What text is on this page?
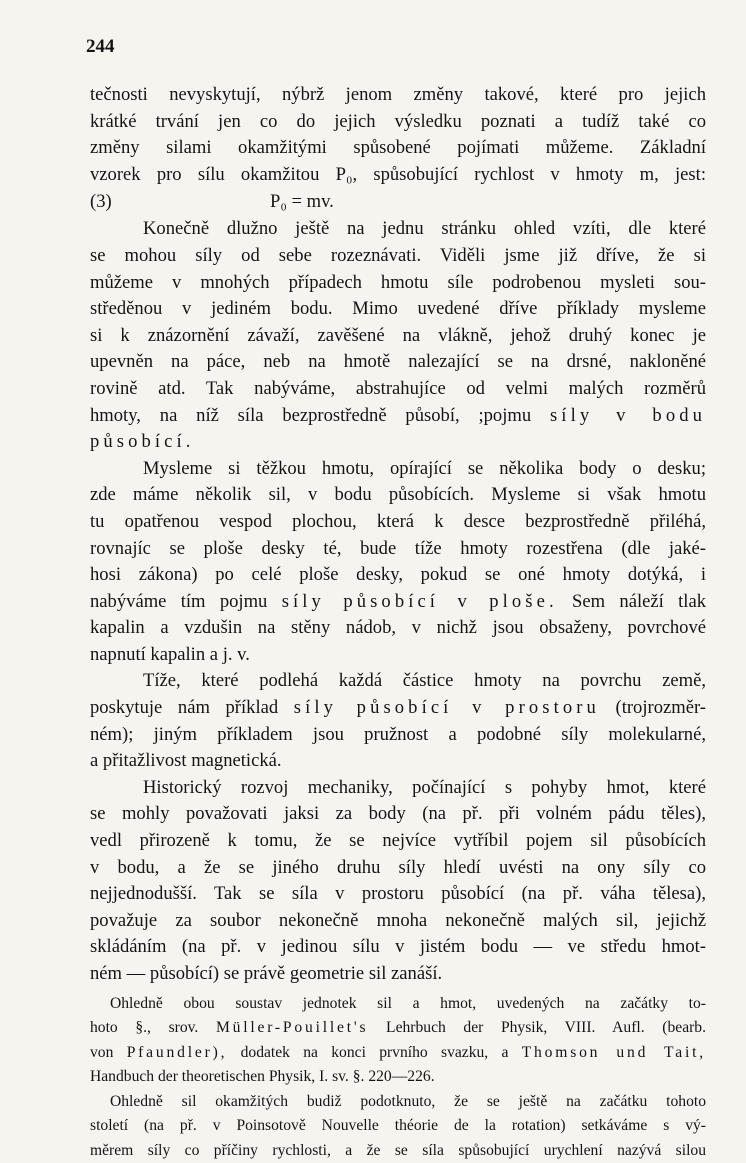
244
tečnosti nevyskytují, nýbrž jenom změny takové, které pro jejich
krátké trvání jen co do jejich výsledku poznati a tudíž také co
změny silami okamžitými spůsobené pojímati můžeme. Základní
vzorek pro sílu okamžitou P₀, spůsobující rychlost v hmoty m, jest:
(3)	P₀ = mv.
Konečně dlužno ještě na jednu stránku ohled vzíti, dle které
se mohou síly od sebe rozeznávati. Viděli jsme již dříve, že si
můžeme v mnohých případech hmotu síle podrobenou mysleti sou-
středěnou v jediném bodu. Mimo uvedené dříve příklady mysleme
si k znázornění závaží, zavěšené na vlákně, jehož druhý konec je
upevněn na páce, neb na hmotě nalezající se na drsné, nakloněné
rovině atd. Tak nabýváme, abstrahujíce od velmi malých rozměrů
hmoty, na níž síla bezprostředně působí, ;pojmu síly v bodu
působící.
Mysleme si těžkou hmotu, opírající se několika body o desku;
zde máme několik sil, v bodu působících. Mysleme si však hmotu
tu opatřenou vespod plochou, která k desce bezprostředně přiléhá,
rovnajíc se ploše desky té, bude tíže hmoty rozestřena (dle jaké-
hosi zákona) po celé ploše desky, pokud se oné hmoty dotýká, i
nabýváme tím pojmu síly působící v ploše. Sem náleží tlak
kapalin a vzdušin na stěny nádob, v nichž jsou obsaženy, povrchové
napnutí kapalin a j. v.
Tíže, které podlehá každá částice hmoty na povrchu země,
poskytuje nám příklad síly působící v prostoru (trojrozměr-
ném); jiným příkladem jsou pružnost a podobné síly molekularné,
a přitažlivost magnetická.
Historický rozvoj mechaniky, počínající s pohyby hmot, které
se mohly považovati jaksi za body (na př. při volném pádu těles),
vedl přirozeně k tomu, že se nejvíce vytříbil pojem sil působících
v bodu, a že se jiného druhu síly hledí uvésti na ony síly co
nejjednodušší. Tak se síla v prostoru působící (na př. váha tělesa),
považuje za soubor nekonečně mnoha nekonečně malých sil, jejichž
skládáním (na př. v jedinou sílu v jistém bodu — ve středu hmot-
ném — působící) se právě geometrie sil zanáší.
Ohledně obou soustav jednotek sil a hmot, uvedených na začátky to-
hoto §., srov. Müller-Pouillet's Lehrbuch der Physik, VIII. Aufl. (bearb.
von Pfaundler), dodatek na konci prvního svazku, a Thomson und Tait,
Handbuch der theoretischen Physik, I. sv. §. 220—226.
Ohledně sil okamžitých budiž podotknuto, že se ještě na začátku tohoto
století (na př. v Poinsotově Nouvelle théorie de la rotation) setkáváme s vý-
měrem síly co příčiny rychlosti, a že se síla spůsobující urychlení nazývá silou
